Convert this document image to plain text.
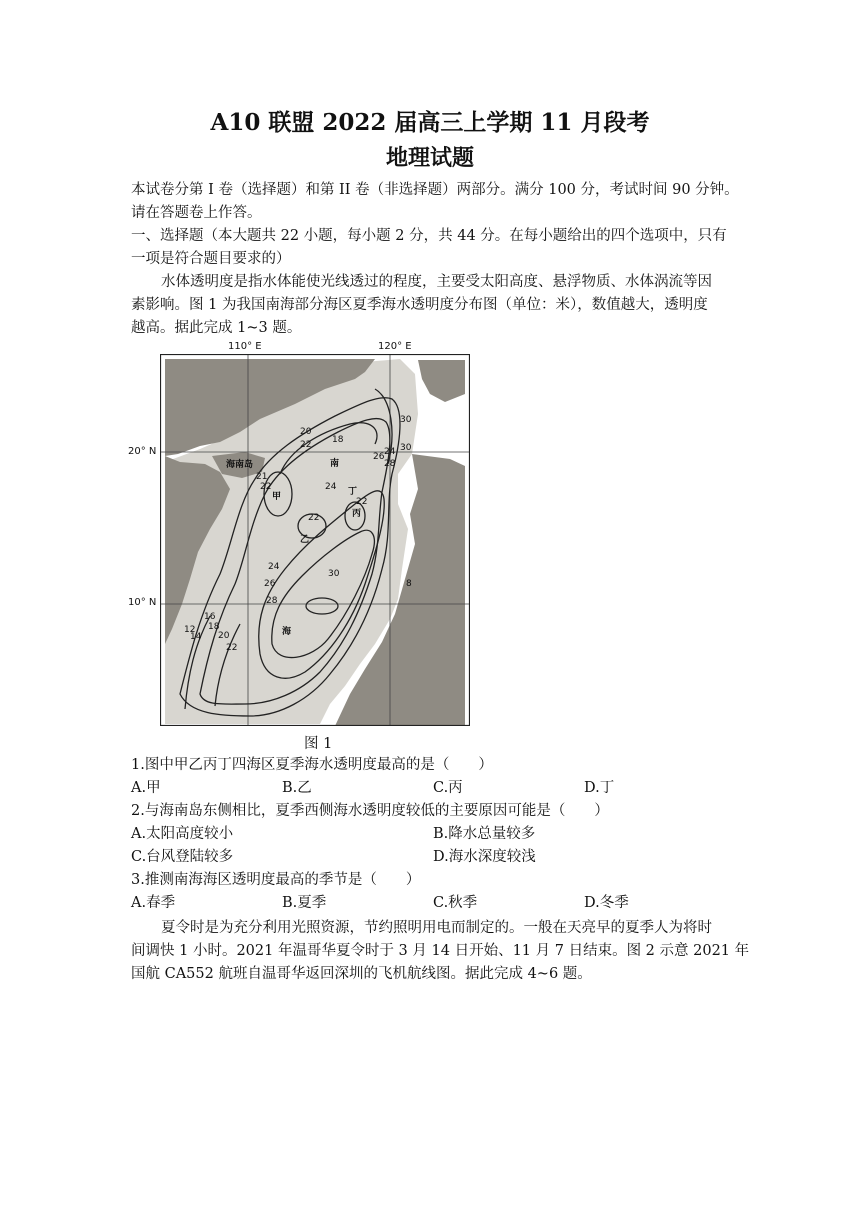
A10 联盟 2022 届高三上学期 11 月段考
地理试题
本试卷分第 I 卷（选择题）和第 II 卷（非选择题）两部分。满分 100 分，考试时间 90 分钟。
请在答题卷上作答。
一、选择题（本大题共 22 小题，每小题 2 分，共 44 分。在每小题给出的四个选项中，只有
一项是符合题目要求的）
水体透明度是指水体能使光线透过的程度，主要受太阳高度、悬浮物质、水体涡流等因
素影响。图 1 为我国南海部分海区夏季海水透明度分布图（单位：米），数值越大，透明度
越高。据此完成 1~3 题。
海南岛	南
海
甲
乙
丙
丁
18
20
22
30
30
26 24
28
24
22
22
21
22
24
26
28
30
16
18
12
14 20
22
8
110° E	120° E
20° N
10° N
图 1
1.图中甲乙丙丁四海区夏季海水透明度最高的是（　　）
A.甲	B.乙	C.丙	D.丁
2.与海南岛东侧相比，夏季西侧海水透明度较低的主要原因可能是（　　）
A.太阳高度较小	B.降水总量较多
C.台风登陆较多	D.海水深度较浅
3.推测南海海区透明度最高的季节是（　　）
A.春季	B.夏季	C.秋季	D.冬季
夏令时是为充分利用光照资源，节约照明用电而制定的。一般在天亮早的夏季人为将时
间调快 1 小时。2021 年温哥华夏令时于 3 月 14 日开始、11 月 7 日结束。图 2 示意 2021 年
国航 CA552 航班自温哥华返回深圳的飞机航线图。据此完成 4~6 题。
